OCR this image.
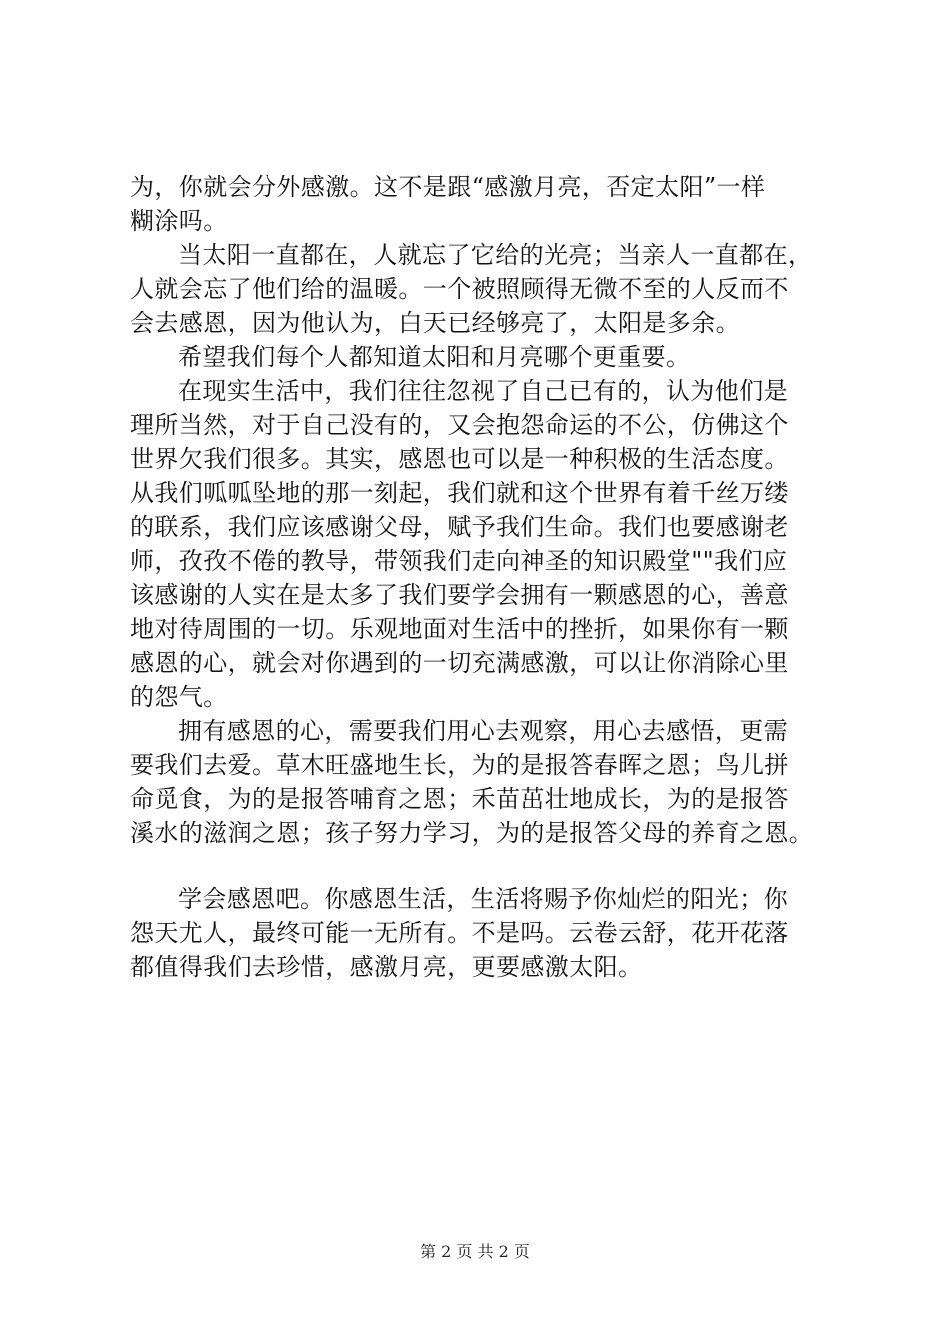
为，你就会分外感激。这不是跟“感激月亮，否定太阳”一样
糊涂吗。
当太阳一直都在，人就忘了它给的光亮；当亲人一直都在，
人就会忘了他们给的温暖。一个被照顾得无微不至的人反而不
会去感恩，因为他认为，白天已经够亮了，太阳是多余。
希望我们每个人都知道太阳和月亮哪个更重要。
在现实生活中，我们往往忽视了自己已有的，认为他们是
理所当然，对于自己没有的，又会抱怨命运的不公，仿佛这个
世界欠我们很多。其实，感恩也可以是一种积极的生活态度。
从我们呱呱坠地的那一刻起，我们就和这个世界有着千丝万缕
的联系，我们应该感谢父母，赋予我们生命。我们也要感谢老
师，孜孜不倦的教导，带领我们走向神圣的知识殿堂""我们应
该感谢的人实在是太多了我们要学会拥有一颗感恩的心，善意
地对待周围的一切。乐观地面对生活中的挫折，如果你有一颗
感恩的心，就会对你遇到的一切充满感激，可以让你消除心里
的怨气。
拥有感恩的心，需要我们用心去观察，用心去感悟，更需
要我们去爱。草木旺盛地生长，为的是报答春晖之恩；鸟儿拼
命觅食，为的是报答哺育之恩；禾苗茁壮地成长，为的是报答
溪水的滋润之恩；孩子努力学习，为的是报答父母的养育之恩。
学会感恩吧。你感恩生活，生活将赐予你灿烂的阳光；你
怨天尤人，最终可能一无所有。不是吗。云卷云舒，花开花落
都值得我们去珍惜，感激月亮，更要感激太阳。
第 2 页 共 2 页
